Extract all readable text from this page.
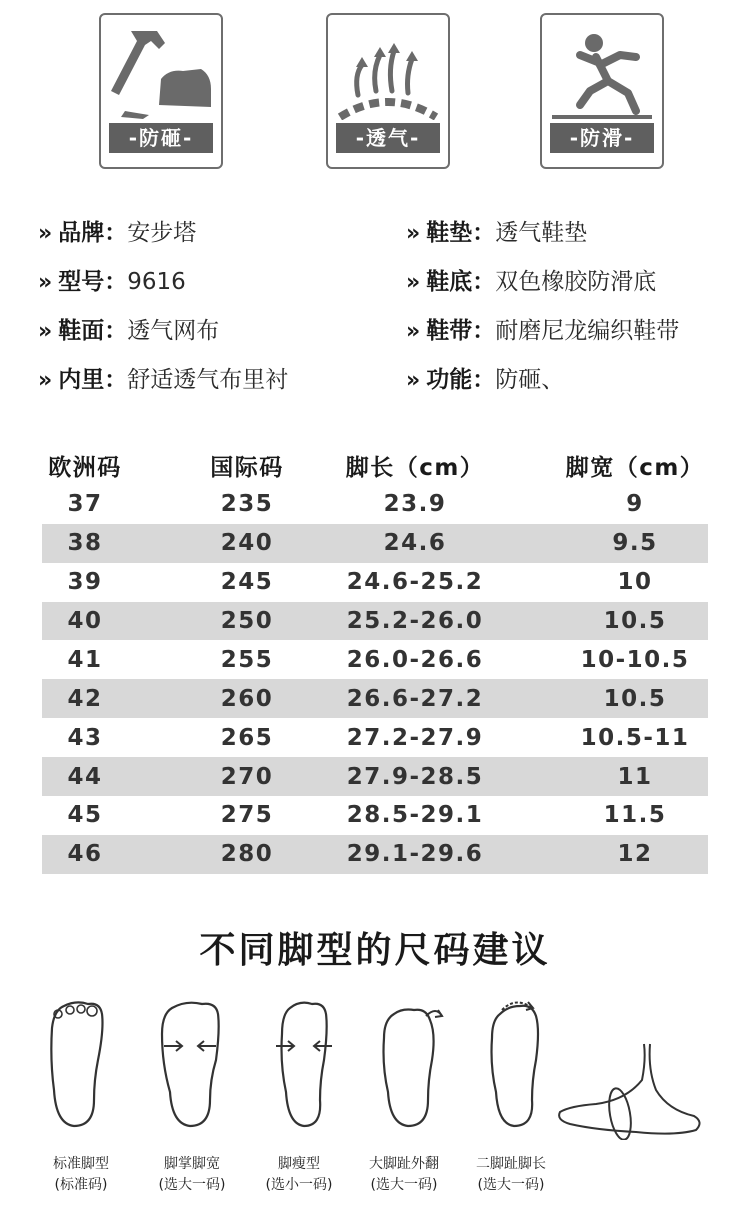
-防砸-	-透气-	-防滑-
» 品牌：安步塔	» 鞋垫：透气鞋垫
» 型号：9616	» 鞋底：双色橡胶防滑底
» 鞋面：透气网布	» 鞋带：耐磨尼龙编织鞋带
» 内里：舒适透气布里衬	» 功能：防砸、
欧洲码	国际码	脚长（cm）	脚宽（cm）
37	235	23.9	9
38	240	24.6	9.5
39	245	24.6-25.2	10
40	250	25.2-26.0	10.5
41	255	26.0-26.6	10-10.5
42	260	26.6-27.2	10.5
43	265	27.2-27.9	10.5-11
44	270	27.9-28.5	11
45	275	28.5-29.1	11.5
46	280	29.1-29.6	12
不同脚型的尺码建议
标准脚型
(标准码)
脚掌脚宽
(选大一码)
脚瘦型
(选小一码)
大脚趾外翻
(选大一码)
二脚趾脚长
(选大一码)
